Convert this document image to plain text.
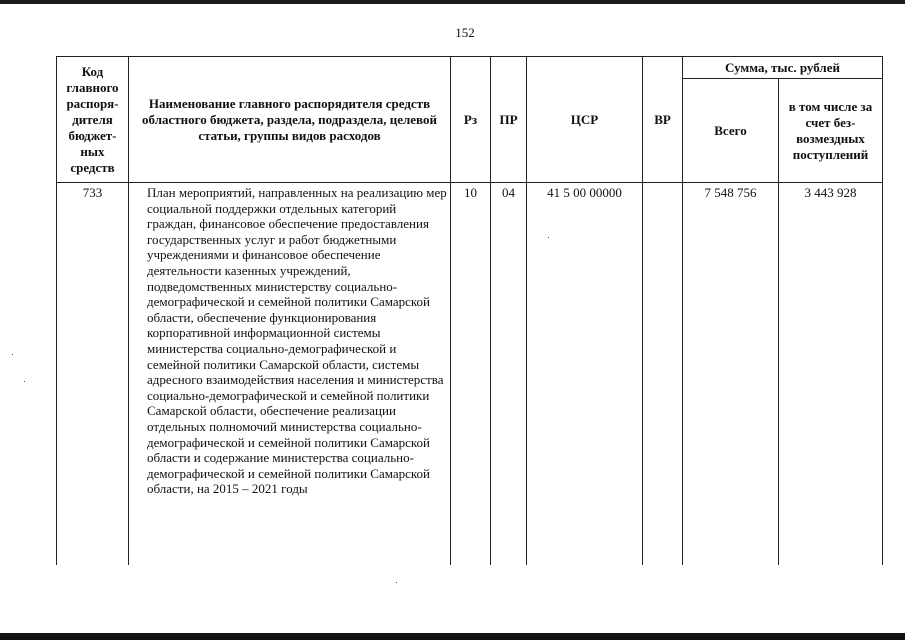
152
Код главного распоря-дителя бюджет-ных средств	Наименование главного распорядителя средств областного бюджета, раздела, подраздела, целевой статьи, группы видов расходов	Рз	ПР	ЦСР	ВР	Сумма, тыс. рублей	
						Всего	в том числе за счет без-возмездных поступлений
733	План мероприятий, направленных на реализацию мер социальной поддержки отдельных категорий граждан, финансовое обеспечение предоставления государственных услуг и работ бюджетными учреждениями и финансовое обеспечение деятельности казенных учреждений, подведомственных министерству социально-демографической и семейной политики Самарской области, обеспечение функционирования корпоративной информационной системы министерства социально-демографической и семейной политики Самарской области, системы адресного взаимодействия населения и министерства социально-демографической и семейной политики Самарской области, обеспечение реализации отдельных полномочий министерства социально-демографической и семейной политики Самарской области и содержание министерства социально-демографической и семейной политики Самарской области, на 2015 – 2021 годы	10	04	41 5 00 00000		7 548 756	3 443 928
